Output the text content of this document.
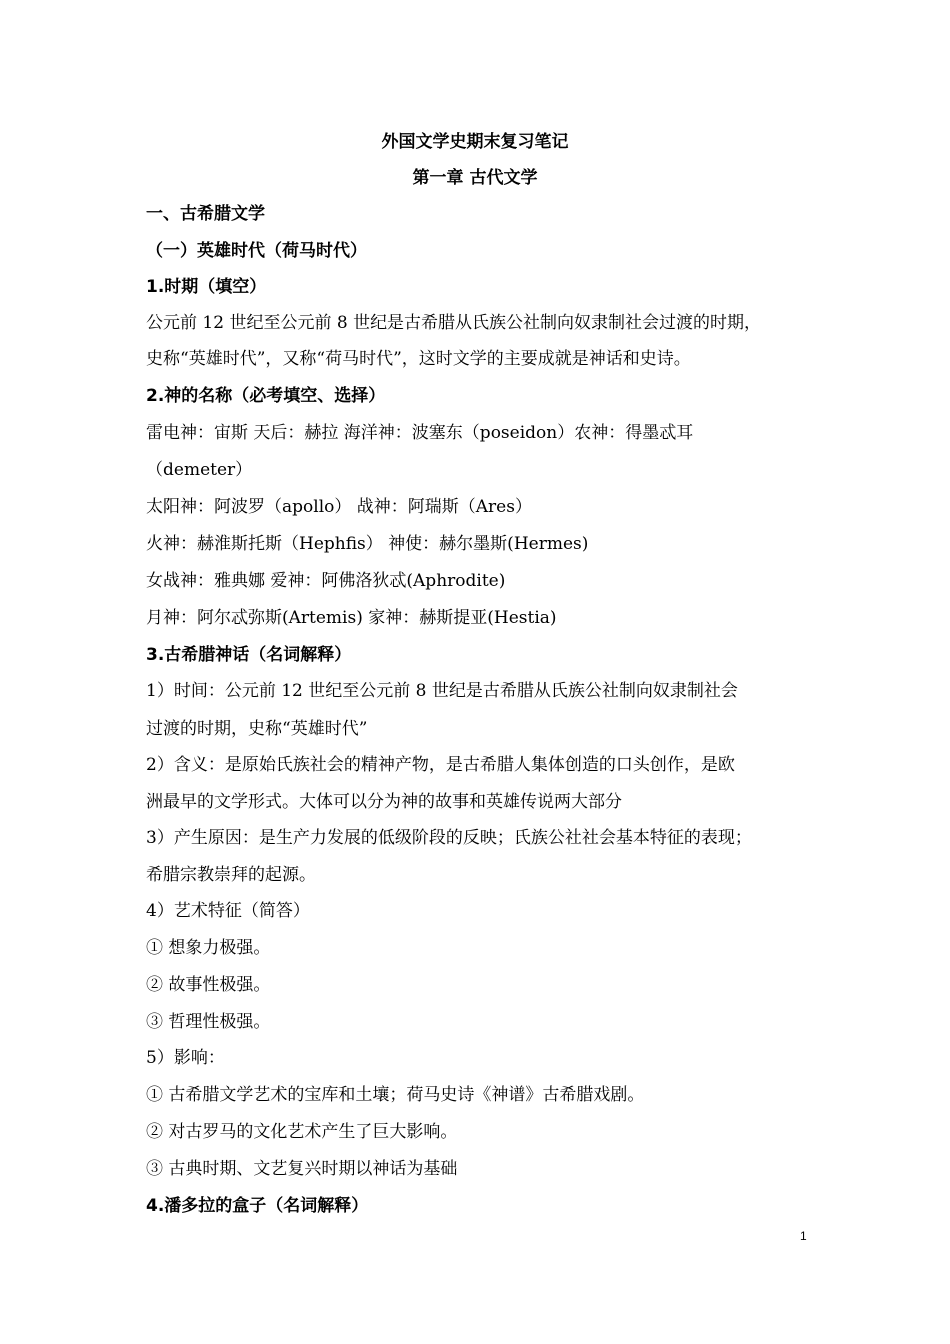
外国文学史期末复习笔记
第一章 古代文学
一、古希腊文学
（一）英雄时代（荷马时代）
1.时期（填空）
公元前 12 世纪至公元前 8 世纪是古希腊从氏族公社制向奴隶制社会过渡的时期，
史称“英雄时代”，又称“荷马时代”，这时文学的主要成就是神话和史诗。
2.神的名称（必考填空、选择）
雷电神：宙斯 天后：赫拉 海洋神：波塞东（poseidon）农神：得墨忒耳
（demeter）
太阳神：阿波罗（apollo） 战神：阿瑞斯（Ares）
火神：赫淮斯托斯（Hephfis） 神使：赫尔墨斯(Hermes)
女战神：雅典娜 爱神：阿佛洛狄忒(Aphrodite)
月神：阿尔忒弥斯(Artemis) 家神：赫斯提亚(Hestia)
3.古希腊神话（名词解释）
1）时间：公元前 12 世纪至公元前 8 世纪是古希腊从氏族公社制向奴隶制社会
过渡的时期，史称“英雄时代”
2）含义：是原始氏族社会的精神产物，是古希腊人集体创造的口头创作，是欧
洲最早的文学形式。大体可以分为神的故事和英雄传说两大部分
3）产生原因：是生产力发展的低级阶段的反映；氏族公社社会基本特征的表现；
希腊宗教崇拜的起源。
4）艺术特征（简答）
① 想象力极强。
② 故事性极强。
③ 哲理性极强。
5）影响：
① 古希腊文学艺术的宝库和土壤；荷马史诗《神谱》古希腊戏剧。
② 对古罗马的文化艺术产生了巨大影响。
③ 古典时期、文艺复兴时期以神话为基础
4.潘多拉的盒子（名词解释）
1
